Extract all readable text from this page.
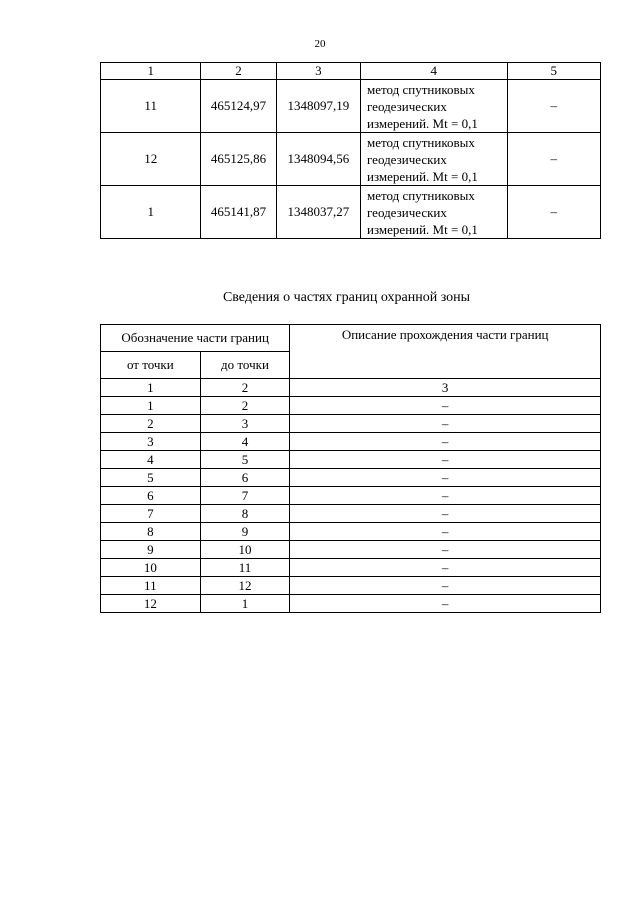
20
1	2	3	4	5
11	465124,97	1348097,19	метод спутниковых
геодезических
измерений. Mt = 0,1	–
12	465125,86	1348094,56	метод спутниковых
геодезических
измерений. Mt = 0,1	–
1	465141,87	1348037,27	метод спутниковых
геодезических
измерений. Mt = 0,1	–
Сведения о частях границ охранной зоны
Обозначение части границ		Описание прохождения части границ
от точки	до точки	
1	2	3
1	2	–
2	3	–
3	4	–
4	5	–
5	6	–
6	7	–
7	8	–
8	9	–
9	10	–
10	11	–
11	12	–
12	1	–
